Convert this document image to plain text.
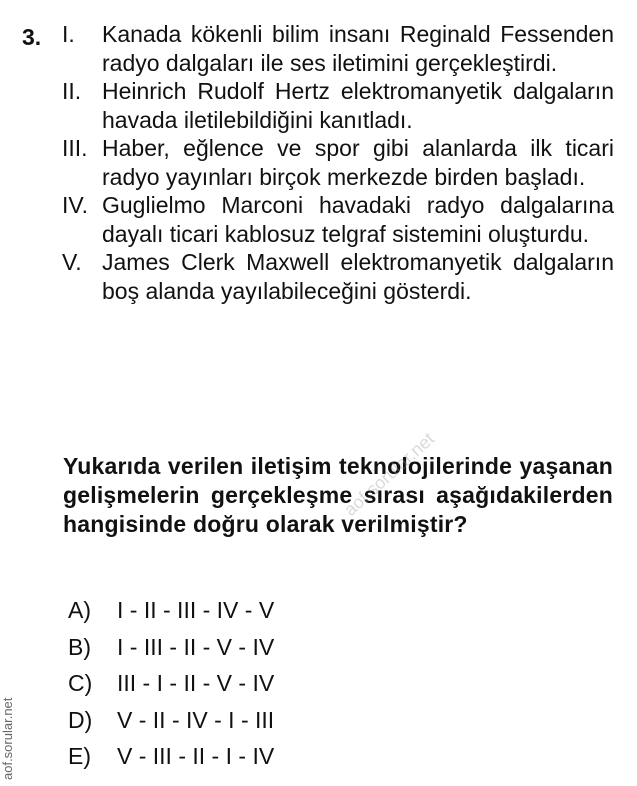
3. I.	Kanada kökenli bilim insanı Reginald Fessenden radyo dalgaları ile ses iletimini gerçekleştirdi.
II. Heinrich Rudolf Hertz elektromanyetik dalgaların havada iletilebildiğini kanıtladı.
III. Haber, eğlence ve spor gibi alanlarda ilk ticari radyo yayınları birçok merkezde birden başladı.
IV. Guglielmo Marconi havadaki radyo dalgalarına dayalı ticari kablosuz telgraf sistemini oluşturdu.
V. James Clerk Maxwell elektromanyetik dalgaların boş alanda yayılabileceğini gösterdi.
Yukarıda verilen iletişim teknolojilerinde yaşanan gelişmelerin gerçekleşme sırası aşağıdakilerden hangisinde doğru olarak verilmiştir?
A)	I - II - III - IV - V
B)	I - III - II - V - IV
C)	III - I - II - V - IV
D)	V - II - IV - I - III
E)	V - III - II - I - IV
aof.sorular.net
aof.sorular.net
